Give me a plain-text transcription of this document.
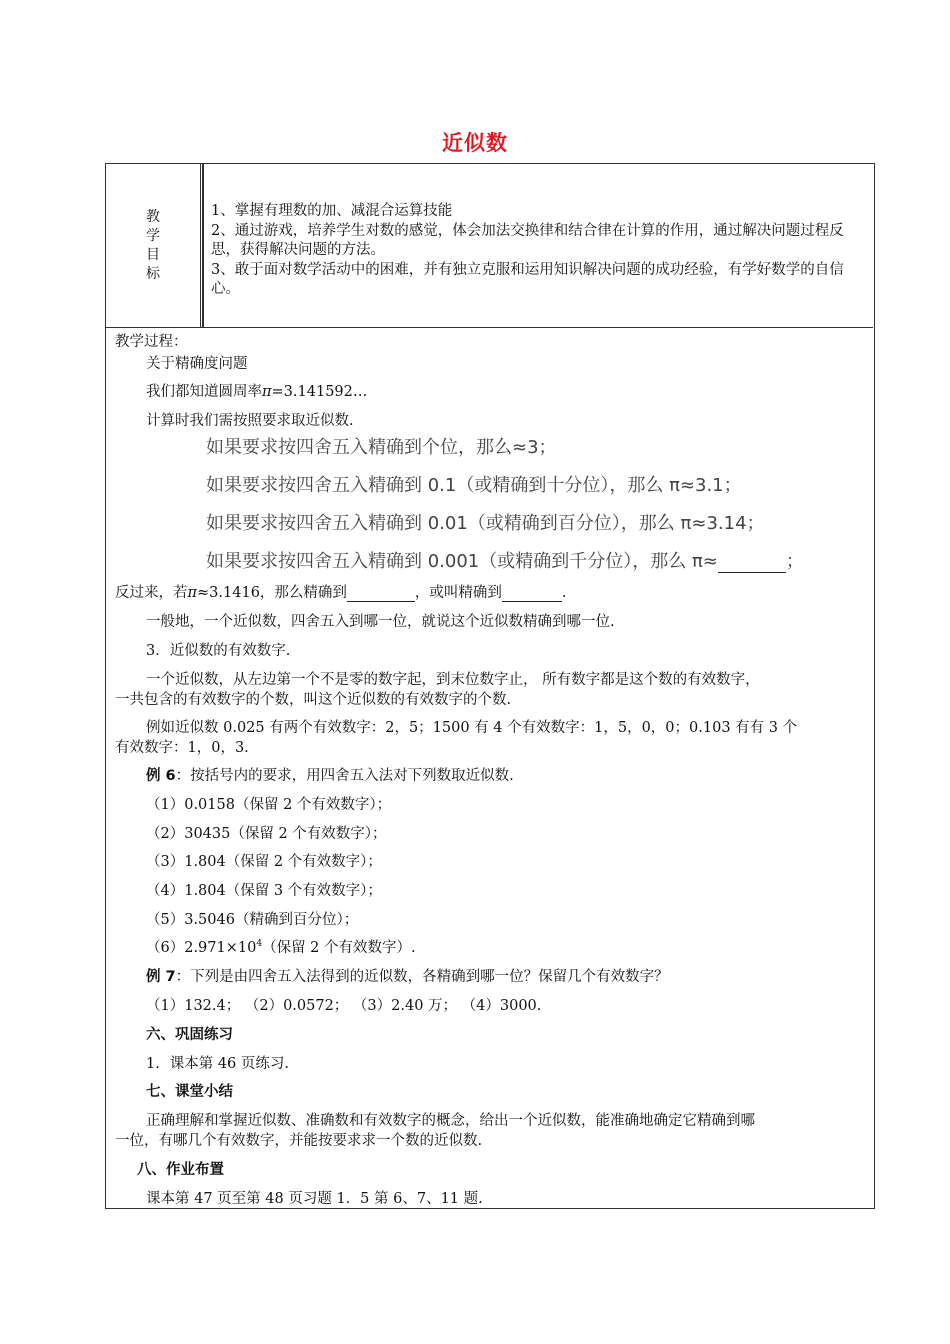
近似数
教
学
目
标

1、掌握有理数的加、减混合运算技能

2、通过游戏，培养学生对数的感觉，体会加法交换律和结合律在计算的作用，通过解决问题过程反思，获得解决问题的方法。

3、敢于面对数学活动中的困难，并有独立克服和运用知识解决问题的成功经验，有学好数学的自信心。

教学过程：
关于精确度问题
我们都知道圆周率π=3.141592…
计算时我们需按照要求取近似数.
如果要求按四舍五入精确到个位，那么≈3；
如果要求按四舍五入精确到 0.1（或精确到十分位），那么 π≈3.1；
如果要求按四舍五入精确到 0.01（或精确到百分位），那么 π≈3.14；
如果要求按四舍五入精确到 0.001（或精确到千分位），那么 π≈	；
反过来，若π≈3.1416，那么精确到	，或叫精确到	.
一般地，一个近似数，四舍五入到哪一位，就说这个近似数精确到哪一位.
3．近似数的有效数字.
一个近似数，从左边第一个不是零的数字起，到末位数字止， 所有数字都是这个数的有效数字，
一共包含的有效数字的个数，叫这个近似数的有效数字的个数.
例如近似数 0.025 有两个有效数字：2，5；1500 有 4 个有效数字：1，5，0，0；0.103 有有 3 个
有效数字：1，0，3.
例 6：按括号内的要求，用四舍五入法对下列数取近似数.
（1）0.0158（保留 2 个有效数字）；
（2）30435（保留 2 个有效数字）；
（3）1.804（保留 2 个有效数字）；
（4）1.804（保留 3 个有效数字）；
（5）3.5046（精确到百分位）；
$(6)2.971\times 10^4$（保留 2 个有效数字）.
例 7：下列是由四舍五入法得到的近似数，各精确到哪一位？保留几个有效数字？
（1）132.4； （2）0.0572； （3）2.40 万； （4）3000.
六、巩固练习
1．课本第 46 页练习.
七、课堂小结
正确理解和掌握近似数、准确数和有效数字的概念，给出一个近似数，能准确地确定它精确到哪
一位，有哪几个有效数字，并能按要求求一个数的近似数.
八、作业布置
课本第 47 页至第 48 页习题 1．5 第 6、7、11 题.
